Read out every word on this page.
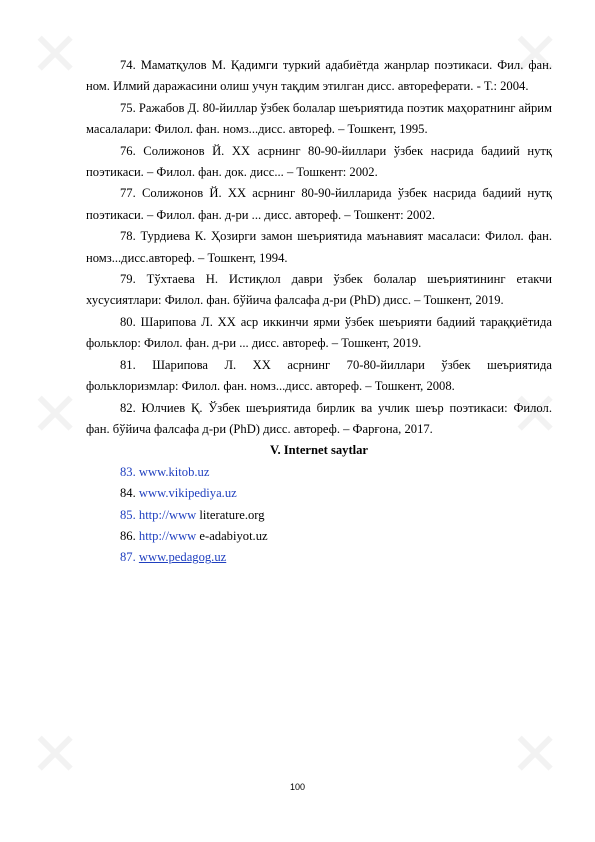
✕	✕
✕	✕
✕	✕

74. Маматқулов М. Қадимги туркий адабиётда жанрлар поэтикаси. Фил. фан. ном. Илмий даражасини олиш учун тақдим этилган дисс. автореферати. - Т.: 2004.

75. Ражабов Д. 80-йиллар ўзбек болалар шеъриятида поэтик маҳоратнинг айрим масалалари: Филол. фан. номз...дисс. автореф. – Тошкент, 1995.

76. Солижонов Й. XX асрнинг 80-90-йиллари ўзбек насрида бадиий нутқ поэтикаси. – Филол. фан. док. дисс... – Тошкент: 2002.

77. Солижонов Й. XX асрнинг 80-90-йилларида ўзбек насрида бадиий нутқ поэтикаси. – Филол. фан. д-ри ... дисс. автореф. – Тошкент: 2002.

78. Турдиева К. Ҳозирги замон шеъриятида маънавият масаласи: Филол. фан. номз...дисс.автореф. – Тошкент, 1994.

79. Тўхтаева Н. Истиқлол даври ўзбек болалар шеъриятининг етакчи хусусиятлари: Филол. фан. бўйича фалсафа д-ри (PhD) дисс. – Тошкент, 2019.

80. Шарипова Л. XX аср иккинчи ярми ўзбек шеърияти бадиий тараққиётида фольклор: Филол. фан. д-ри ... дисс. автореф. – Тошкент, 2019.

81. Шарипова Л. XX асрнинг 70-80-йиллари ўзбек шеъриятида фольклоризмлар: Филол. фан. номз...дисс. автореф. – Тошкент, 2008.

82. Юлчиев Қ. Ўзбек шеъриятида бирлик ва учлик шеър поэтикаси: Филол. фан. бўйича фалсафа д-ри (PhD) дисс. автореф. – Фарғона, 2017.

V. Internet saytlar

83. www.kitob.uz

84. www.vikipediya.uz

85. http://www literature.org

86. http://www e-adabiyot.uz

87. www.pedagog.uz

100
